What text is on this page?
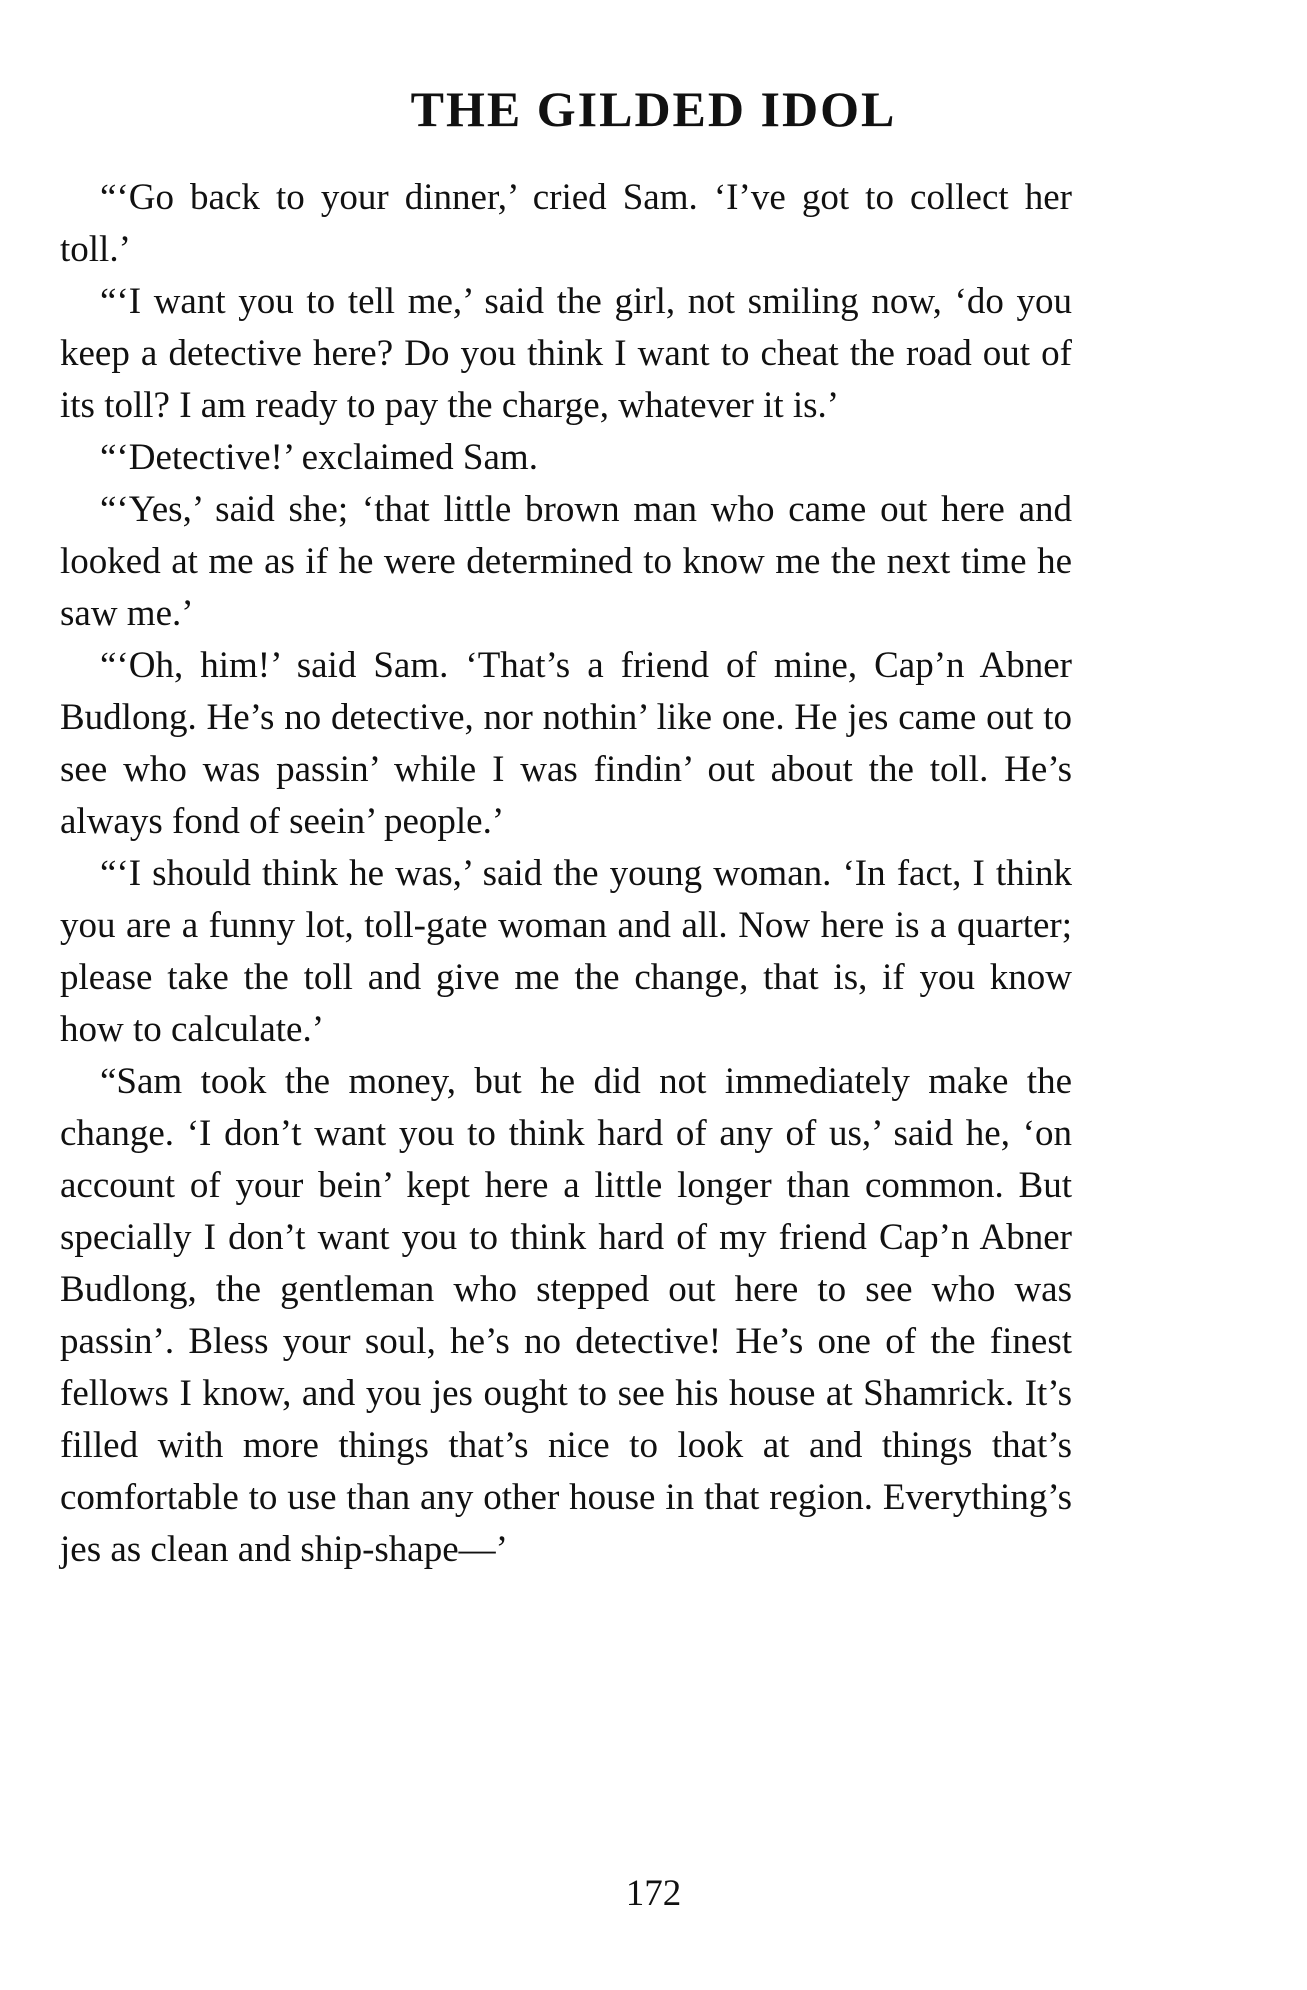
THE GILDED IDOL

“‘Go back to your dinner,’ cried Sam. ‘I’ve got to collect her toll.’

“‘I want you to tell me,’ said the girl, not smiling now, ‘do you keep a detective here? Do you think I want to cheat the road out of its toll? I am ready to pay the charge, whatever it is.’

“‘Detective!’ exclaimed Sam.

“‘Yes,’ said she; ‘that little brown man who came out here and looked at me as if he were determined to know me the next time he saw me.’

“‘Oh, him!’ said Sam. ‘That’s a friend of mine, Cap’n Abner Budlong. He’s no detective, nor nothin’ like one. He jes came out to see who was passin’ while I was findin’ out about the toll. He’s always fond of seein’ people.’

“‘I should think he was,’ said the young woman. ‘In fact, I think you are a funny lot, toll-gate woman and all. Now here is a quarter; please take the toll and give me the change, that is, if you know how to calculate.’

“Sam took the money, but he did not immediately make the change. ‘I don’t want you to think hard of any of us,’ said he, ‘on account of your bein’ kept here a little longer than common. But specially I don’t want you to think hard of my friend Cap’n Abner Budlong, the gentleman who stepped out here to see who was passin’. Bless your soul, he’s no detective! He’s one of the finest fellows I know, and you jes ought to see his house at Shamrick. It’s filled with more things that’s nice to look at and things that’s comfortable to use than any other house in that region. Everything’s jes as clean and ship-shape—’

172
